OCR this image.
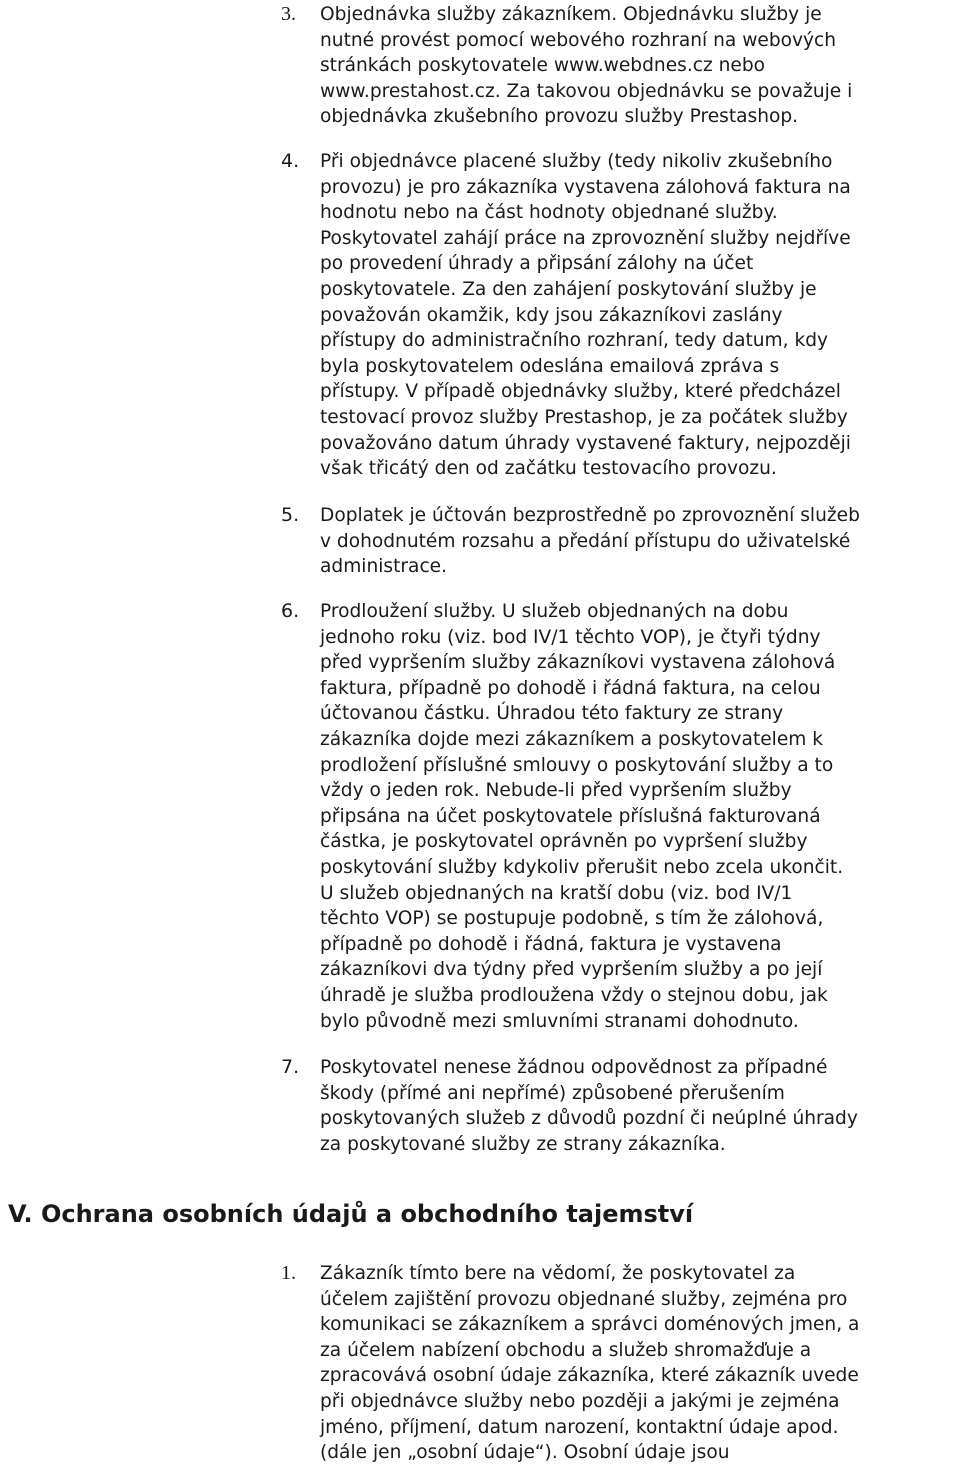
3. Objednávka služby zákazníkem. Objednávku služby je
nutné provést pomocí webového rozhraní na webových
stránkách poskytovatele www.webdnes.cz nebo
www.prestahost.cz. Za takovou objednávku se považuje i
objednávka zkušebního provozu služby Prestashop.
4. Při objednávce placené služby (tedy nikoliv zkušebního
provozu) je pro zákazníka vystavena zálohová faktura na
hodnotu nebo na část hodnoty objednané služby.
Poskytovatel zahájí práce na zprovoznění služby nejdříve
po provedení úhrady a připsání zálohy na účet
poskytovatele. Za den zahájení poskytování služby je
považován okamžik, kdy jsou zákazníkovi zaslány
přístupy do administračního rozhraní, tedy datum, kdy
byla poskytovatelem odeslána emailová zpráva s
přístupy. V případě objednávky služby, které předcházel
testovací provoz služby Prestashop, je za počátek služby
považováno datum úhrady vystavené faktury, nejpozději
však třicátý den od začátku testovacího provozu.
5. Doplatek je účtován bezprostředně po zprovoznění služeb
v dohodnutém rozsahu a předání přístupu do uživatelské
administrace.
6. Prodloužení služby. U služeb objednaných na dobu
jednoho roku (viz. bod IV/1 těchto VOP), je čtyři týdny
před vypršením služby zákazníkovi vystavena zálohová
faktura, případně po dohodě i řádná faktura, na celou
účtovanou částku. Úhradou této faktury ze strany
zákazníka dojde mezi zákazníkem a poskytovatelem k
prodložení příslušné smlouvy o poskytování služby a to
vždy o jeden rok. Nebude-li před vypršením služby
připsána na účet poskytovatele příslušná fakturovaná
částka, je poskytovatel oprávněn po vypršení služby
poskytování služby kdykoliv přerušit nebo zcela ukončit.
U služeb objednaných na kratší dobu (viz. bod IV/1
těchto VOP) se postupuje podobně, s tím že zálohová,
případně po dohodě i řádná, faktura je vystavena
zákazníkovi dva týdny před vypršením služby a po její
úhradě je služba prodloužena vždy o stejnou dobu, jak
bylo původně mezi smluvními stranami dohodnuto.
7. Poskytovatel nenese žádnou odpovědnost za případné
škody (přímé ani nepřímé) způsobené přerušením
poskytovaných služeb z důvodů pozdní či neúplné úhrady
za poskytované služby ze strany zákazníka.
V. Ochrana osobních údajů a obchodního tajemství
1. Zákazník tímto bere na vědomí, že poskytovatel za
účelem zajištění provozu objednané služby, zejména pro
komunikaci se zákazníkem a správci doménových jmen, a
za účelem nabízení obchodu a služeb shromažďuje a
zpracovává osobní údaje zákazníka, které zákazník uvede
při objednávce služby nebo později a jakými je zejména
jméno, příjmení, datum narození, kontaktní údaje apod.
(dále jen „osobní údaje“). Osobní údaje jsou
